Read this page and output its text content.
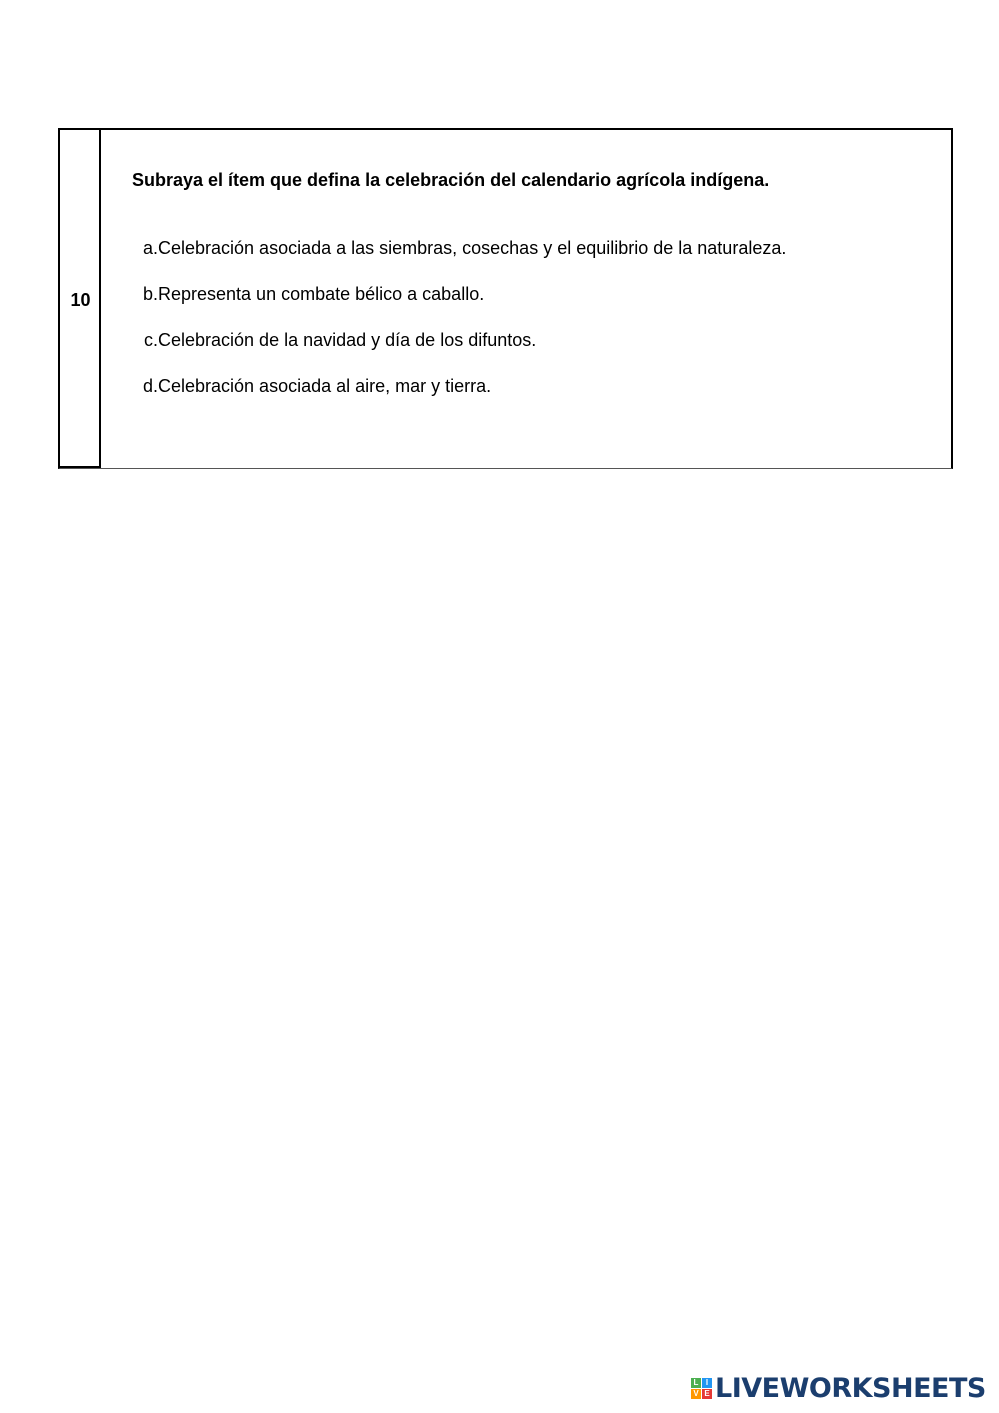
10
Subraya el ítem que defina la celebración del calendario agrícola indígena.
a. Celebración asociada a las siembras, cosechas y el equilibrio de la naturaleza.
b. Representa un combate bélico a caballo.
c. Celebración de la navidad y día de los difuntos.
d. Celebración asociada al aire, mar y tierra.
L I
V E LIVEWORKSHEETS
